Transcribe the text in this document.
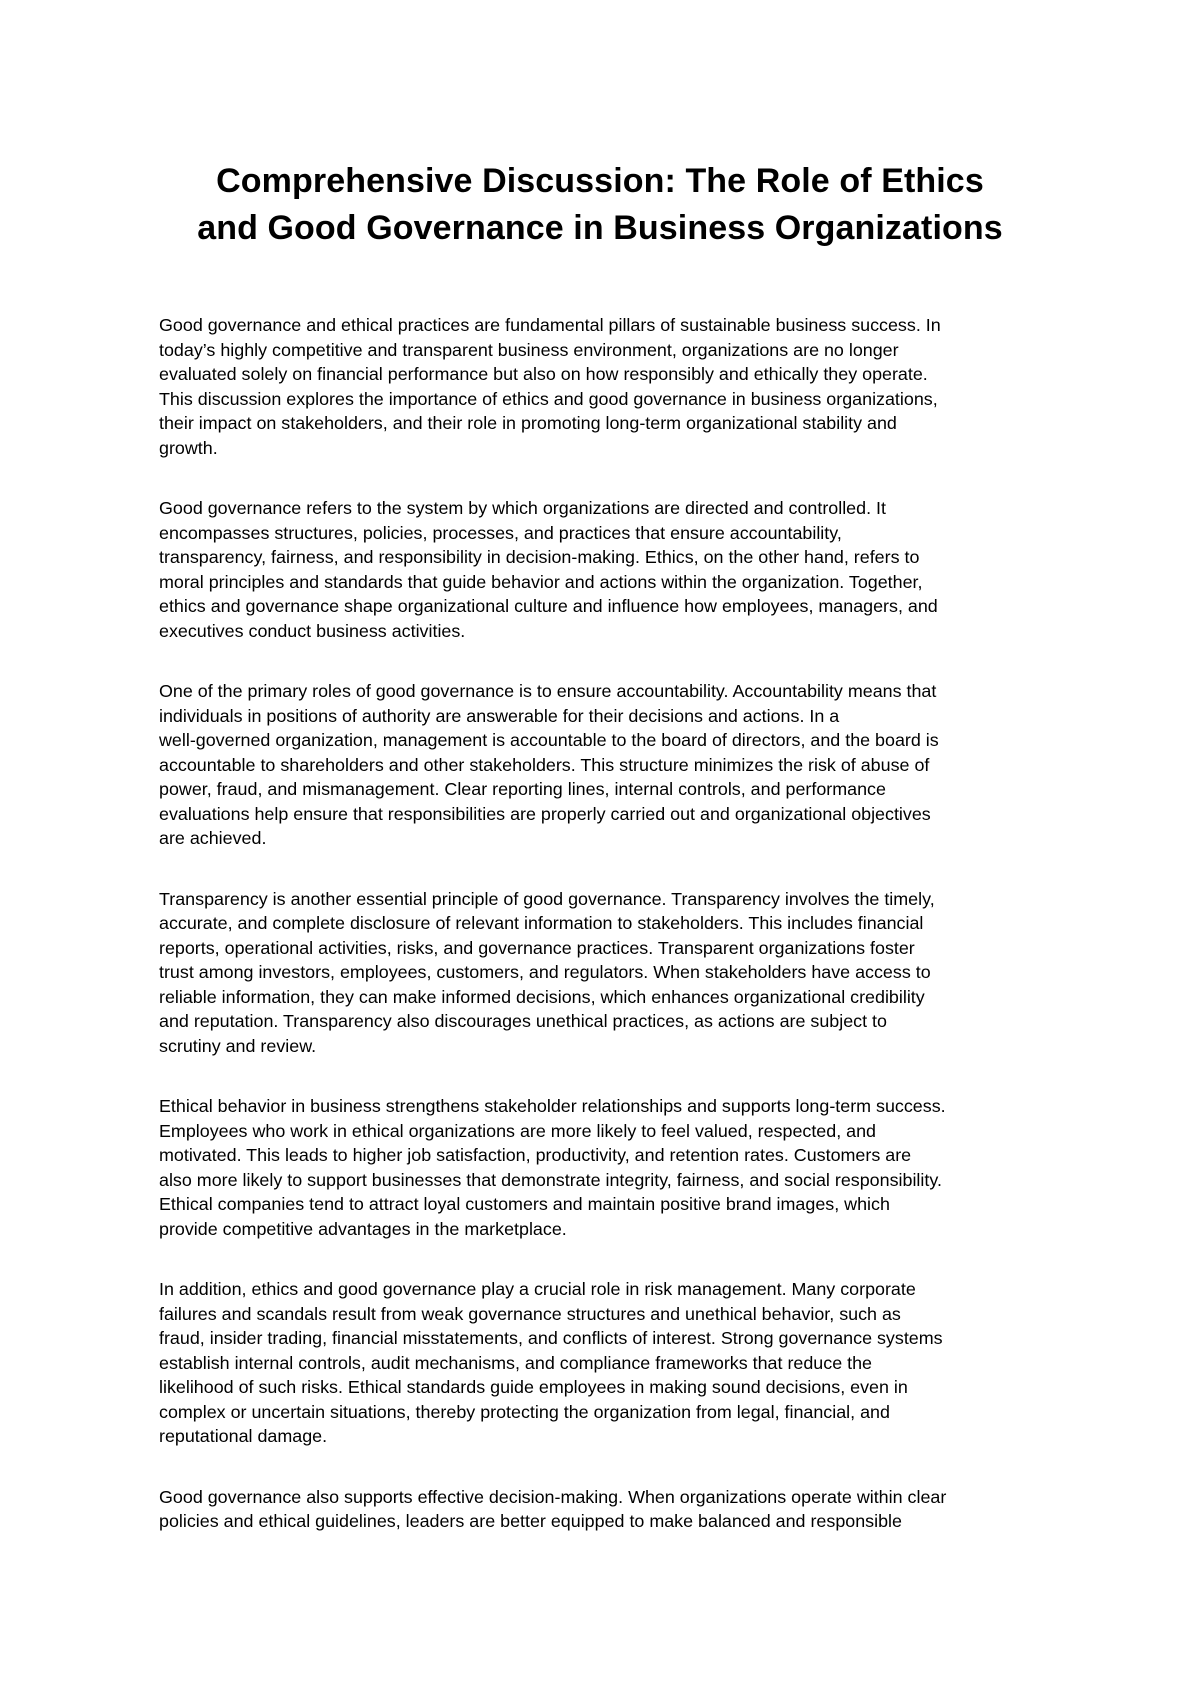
Comprehensive Discussion: The Role of Ethics
and Good Governance in Business Organizations

Good governance and ethical practices are fundamental pillars of sustainable business success. In
today’s highly competitive and transparent business environment, organizations are no longer
evaluated solely on financial performance but also on how responsibly and ethically they operate.
This discussion explores the importance of ethics and good governance in business organizations,
their impact on stakeholders, and their role in promoting long-term organizational stability and
growth.

Good governance refers to the system by which organizations are directed and controlled. It
encompasses structures, policies, processes, and practices that ensure accountability,
transparency, fairness, and responsibility in decision-making. Ethics, on the other hand, refers to
moral principles and standards that guide behavior and actions within the organization. Together,
ethics and governance shape organizational culture and influence how employees, managers, and
executives conduct business activities.

One of the primary roles of good governance is to ensure accountability. Accountability means that
individuals in positions of authority are answerable for their decisions and actions. In a
well-governed organization, management is accountable to the board of directors, and the board is
accountable to shareholders and other stakeholders. This structure minimizes the risk of abuse of
power, fraud, and mismanagement. Clear reporting lines, internal controls, and performance
evaluations help ensure that responsibilities are properly carried out and organizational objectives
are achieved.

Transparency is another essential principle of good governance. Transparency involves the timely,
accurate, and complete disclosure of relevant information to stakeholders. This includes financial
reports, operational activities, risks, and governance practices. Transparent organizations foster
trust among investors, employees, customers, and regulators. When stakeholders have access to
reliable information, they can make informed decisions, which enhances organizational credibility
and reputation. Transparency also discourages unethical practices, as actions are subject to
scrutiny and review.

Ethical behavior in business strengthens stakeholder relationships and supports long-term success.
Employees who work in ethical organizations are more likely to feel valued, respected, and
motivated. This leads to higher job satisfaction, productivity, and retention rates. Customers are
also more likely to support businesses that demonstrate integrity, fairness, and social responsibility.
Ethical companies tend to attract loyal customers and maintain positive brand images, which
provide competitive advantages in the marketplace.

In addition, ethics and good governance play a crucial role in risk management. Many corporate
failures and scandals result from weak governance structures and unethical behavior, such as
fraud, insider trading, financial misstatements, and conflicts of interest. Strong governance systems
establish internal controls, audit mechanisms, and compliance frameworks that reduce the
likelihood of such risks. Ethical standards guide employees in making sound decisions, even in
complex or uncertain situations, thereby protecting the organization from legal, financial, and
reputational damage.

Good governance also supports effective decision-making. When organizations operate within clear
policies and ethical guidelines, leaders are better equipped to make balanced and responsible
